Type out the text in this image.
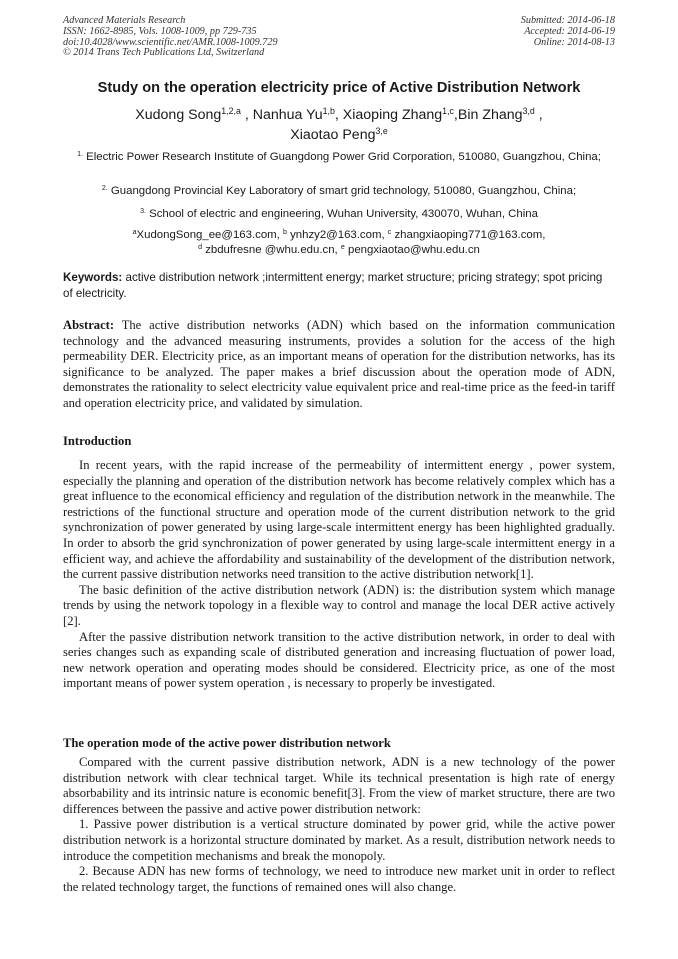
Advanced Materials Research
ISSN: 1662-8985, Vols. 1008-1009, pp 729-735
doi:10.4028/www.scientific.net/AMR.1008-1009.729
© 2014 Trans Tech Publications Ltd, Switzerland
Submitted: 2014-06-18
Accepted: 2014-06-19
Online: 2014-08-13
Study on the operation electricity price of Active Distribution Network
Xudong Song$^{1,2,a}$ , Nanhua Yu$^{1,b}$, Xiaoping Zhang$^{1,c}$,Bin Zhang$^{3,d}$ ,
Xiaotao Peng$^{3,e}$
$^{1.}$ Electric Power Research Institute of Guangdong Power Grid Corporation, 510080, Guangzhou, China;
$^{2.}$ Guangdong Provincial Key Laboratory of smart grid technology, 510080, Guangzhou, China;
$^{3.}$ School of electric and engineering, Wuhan University, 430070, Wuhan, China
$^a$XudongSong_ee@163.com, $^b$ ynhzy2@163.com, $^c$ zhangxiaoping771@163.com,
$^d$ zbdufresne @whu.edu.cn, $^e$ pengxiaotao@whu.edu.cn
Keywords: active distribution network ;intermittent energy; market structure; pricing strategy; spot pricing of electricity.
Abstract: The active distribution networks (ADN) which based on the information communication technology and the advanced measuring instruments, provides a solution for the access of the high permeability DER. Electricity price, as an important means of operation for the distribution networks, has its significance to be analyzed. The paper makes a brief discussion about the operation mode of ADN, demonstrates the rationality to select electricity value equivalent price and real-time price as the feed-in tariff and operation electricity price, and validated by simulation.
Introduction

In recent years, with the rapid increase of the permeability of intermittent energy , power system, especially the planning and operation of the distribution network has become relatively complex which has a great influence to the economical efficiency and regulation of the distribution network in the meanwhile. The restrictions of the functional structure and operation mode of the current distribution network to the grid synchronization of power generated by using large-scale intermittent energy has been highlighted gradually. In order to absorb the grid synchronization of power generated by using large-scale intermittent energy in a efficient way, and achieve the affordability and sustainability of the development of the distribution network, the current passive distribution networks need transition to the active distribution network[1].

The basic definition of the active distribution network (ADN) is: the distribution system which manage trends by using the network topology in a flexible way to control and manage the local DER active actively [2].

After the passive distribution network transition to the active distribution network, in order to deal with series changes such as expanding scale of distributed generation and increasing fluctuation of power load, new network operation and operating modes should be considered. Electricity price, as one of the most important means of power system operation , is necessary to properly be investigated.

The operation mode of the active power distribution network

Compared with the current passive distribution network, ADN is a new technology of the power distribution network with clear technical target. While its technical presentation is high rate of energy absorbability and its intrinsic nature is economic benefit[3]. From the view of market structure, there are two differences between the passive and active power distribution network:

1. Passive power distribution is a vertical structure dominated by power grid, while the active power distribution network is a horizontal structure dominated by market. As a result, distribution network needs to introduce the competition mechanisms and break the monopoly.

2. Because ADN has new forms of technology, we need to introduce new market unit in order to reflect the related technology target, the functions of remained ones will also change.
